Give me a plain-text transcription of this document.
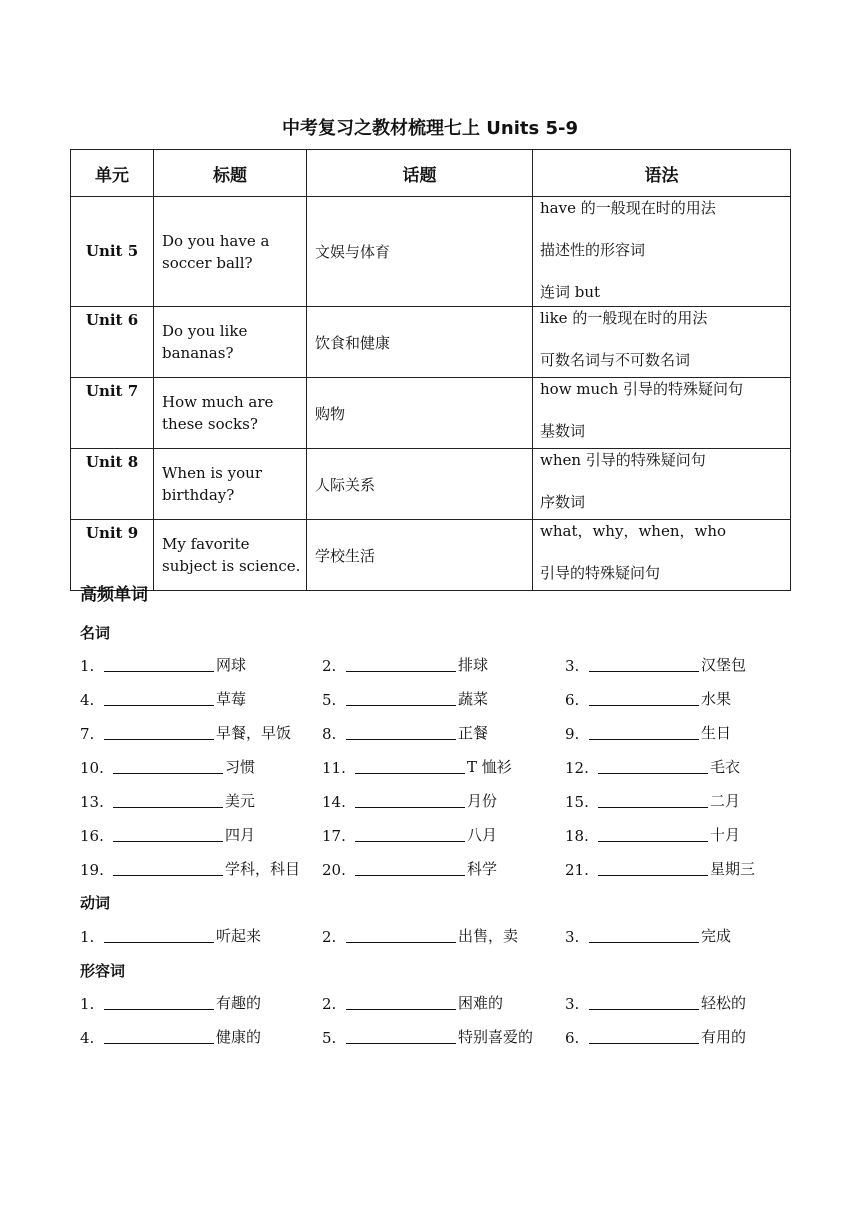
中考复习之教材梳理七上 Units 5-9
单元	标题	话题	语法
Unit 5	Do you have a soccer ball?	文娱与体育	have 的一般现在时的用法
描述性的形容词
连词 but

Unit 6	Do you like bananas?	饮食和健康	like 的一般现在时的用法
可数名词与不可数名词

Unit 7	How much are these socks?	购物	how much 引导的特殊疑问句
基数词

Unit 8	When is your birthday?	人际关系	when 引导的特殊疑问句
序数词

Unit 9	My favorite subject is science.	学校生活	what，why，when，who
引导的特殊疑问句
高频单词
名词
1.	网球	2.	排球	3.	汉堡包
4.	草莓	5.	蔬菜	6.	水果
7.	早餐，早饭 8.	正餐	9.	生日
10.	习惯	11.	T 恤衫	12.	毛衣
13.	美元	14.	月份	15.	二月
16.	四月	17.	八月	18.	十月
19.	学科，科目 20.	科学	21.	星期三
动词
1.	听起来	2.	出售，卖	3.	完成
形容词
1.	有趣的	2.	困难的	3.	轻松的
4.	健康的	5.	特别喜爱的 6.	有用的
